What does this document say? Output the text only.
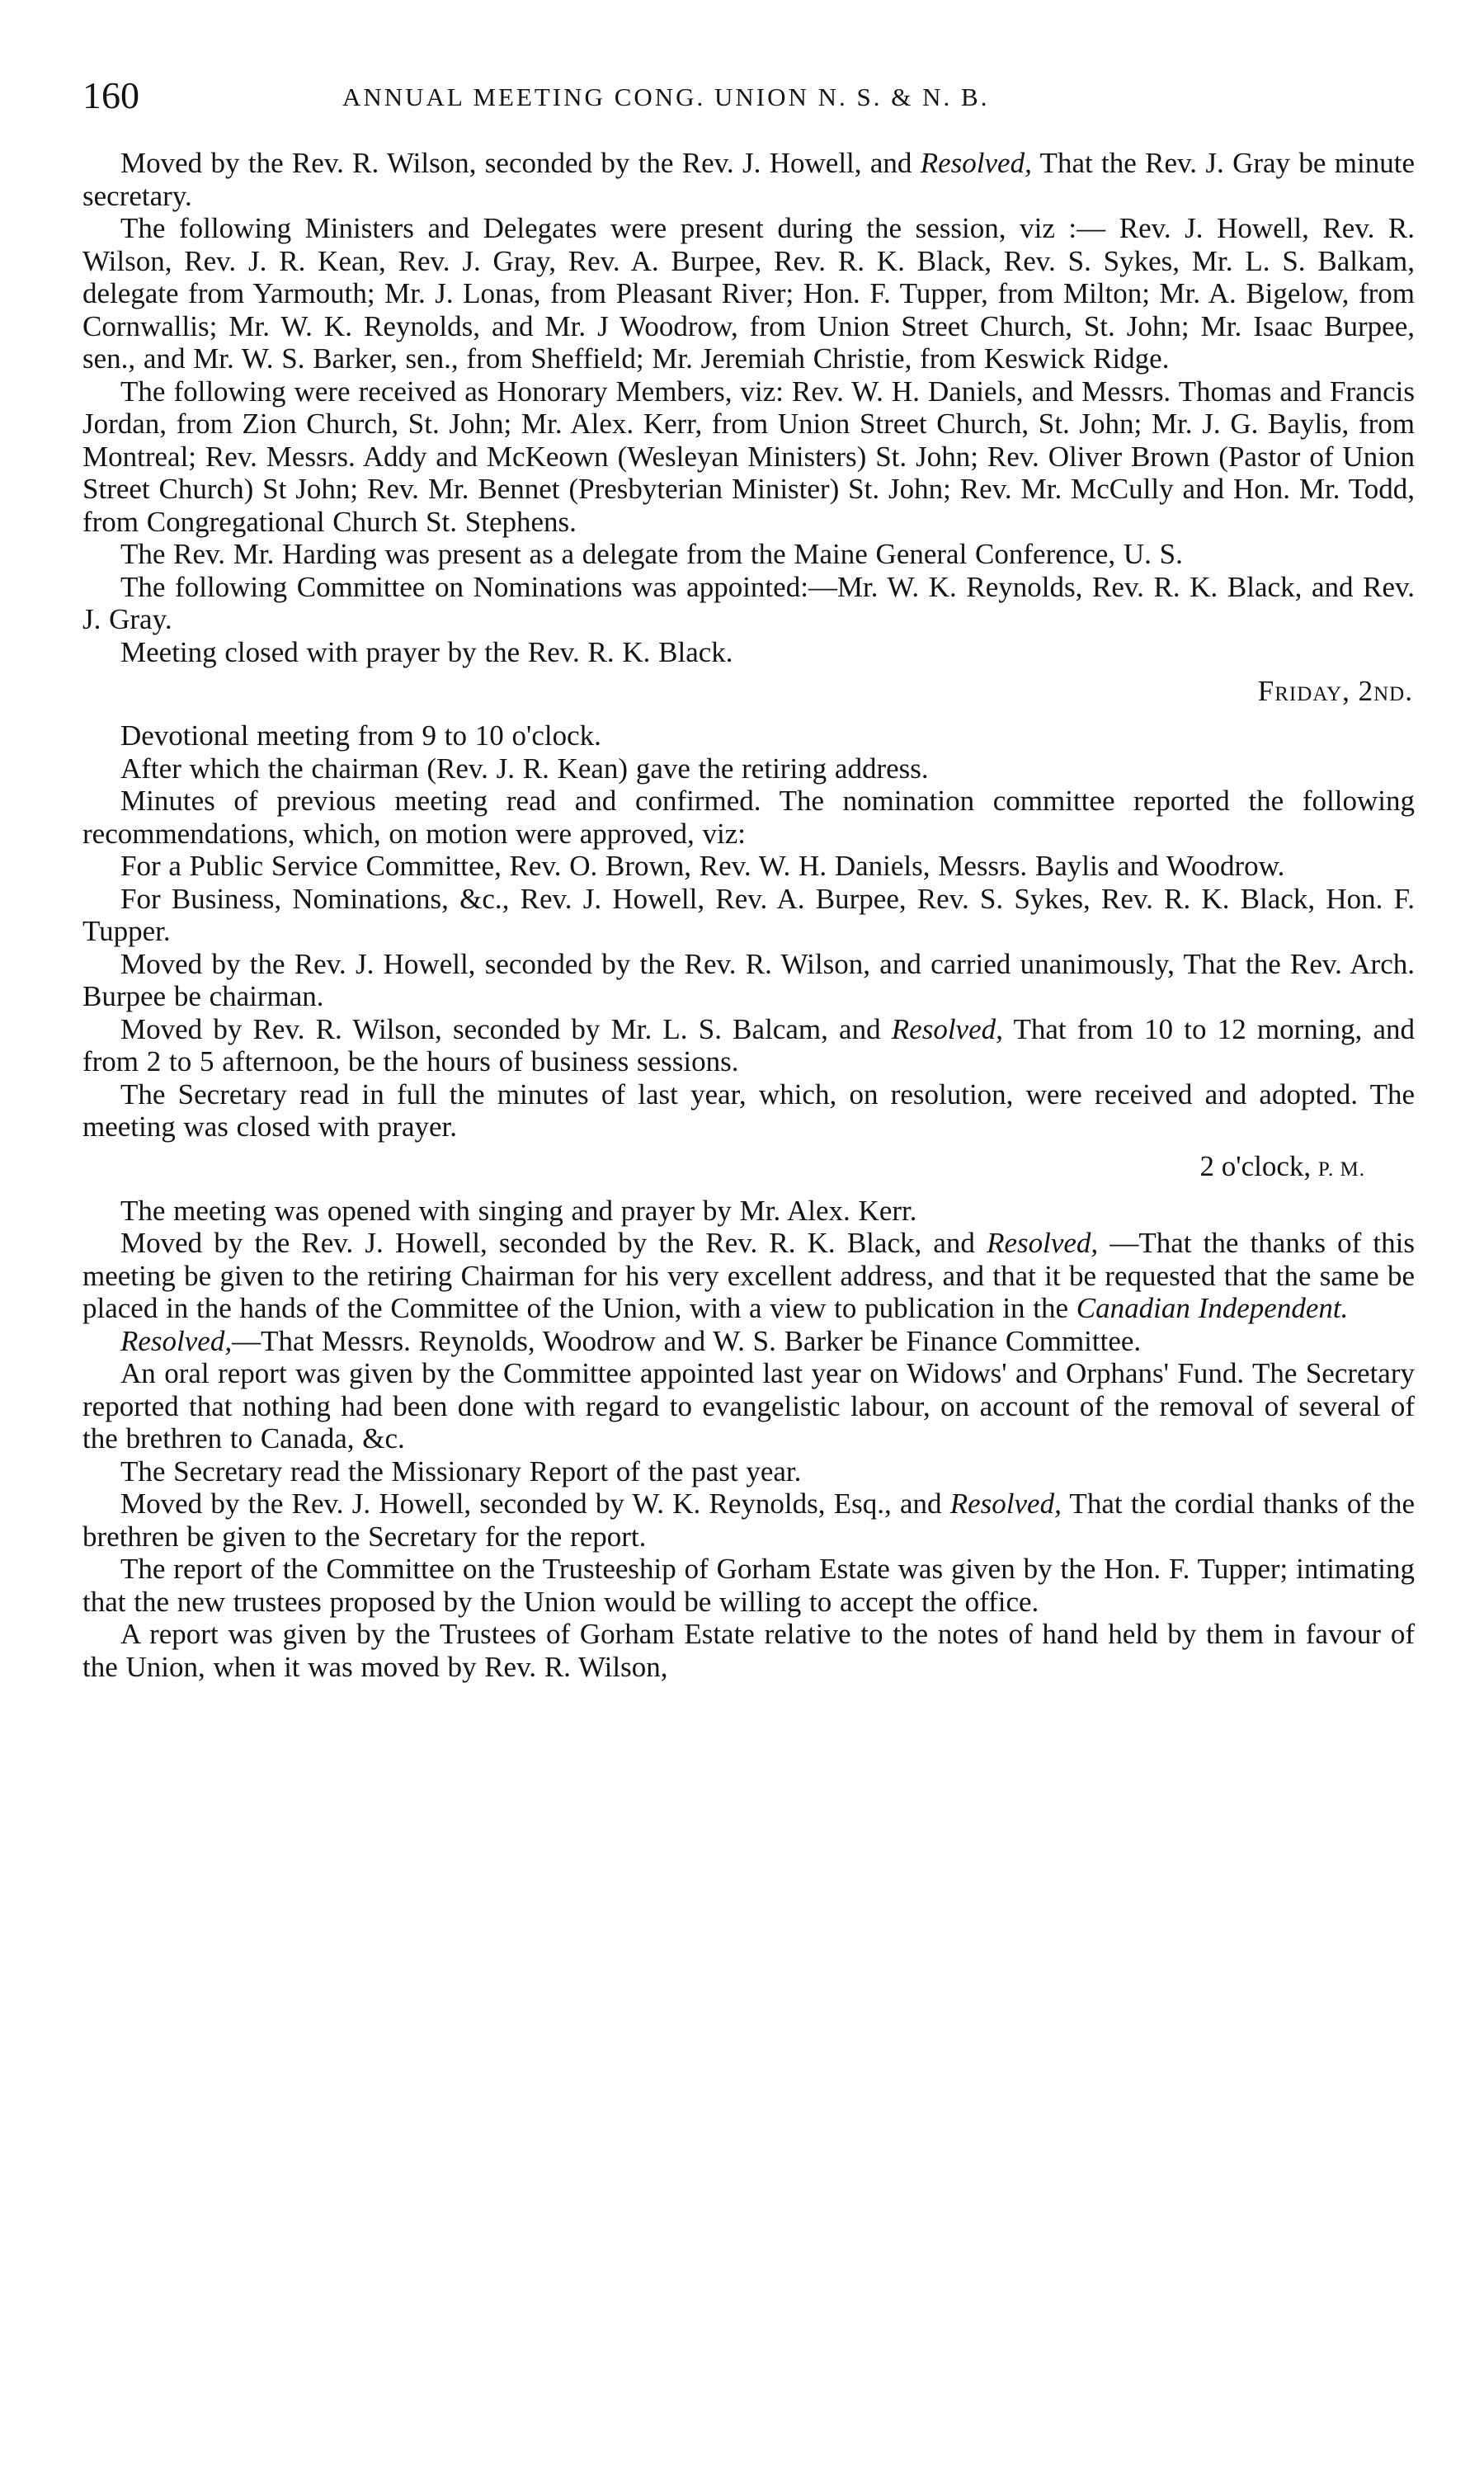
160	ANNUAL MEETING CONG. UNION N. S. & N. B.

Moved by the Rev. R. Wilson, seconded by the Rev. J. Howell, and Resolved, That the Rev. J. Gray be minute secretary.

The following Ministers and Delegates were present during the session, viz :— Rev. J. Howell, Rev. R. Wilson, Rev. J. R. Kean, Rev. J. Gray, Rev. A. Burpee, Rev. R. K. Black, Rev. S. Sykes, Mr. L. S. Balkam, delegate from Yarmouth; Mr. J. Lonas, from Pleasant River; Hon. F. Tupper, from Milton; Mr. A. Bigelow, from Cornwallis; Mr. W. K. Reynolds, and Mr. J Woodrow, from Union Street Church, St. John; Mr. Isaac Burpee, sen., and Mr. W. S. Barker, sen., from Sheffield; Mr. Jeremiah Christie, from Keswick Ridge.

The following were received as Honorary Members, viz: Rev. W. H. Daniels, and Messrs. Thomas and Francis Jordan, from Zion Church, St. John; Mr. Alex. Kerr, from Union Street Church, St. John; Mr. J. G. Baylis, from Montreal; Rev. Messrs. Addy and McKeown (Wesleyan Ministers) St. John; Rev. Oliver Brown (Pastor of Union Street Church) St John; Rev. Mr. Bennet (Presbyterian Minister) St. John; Rev. Mr. McCully and Hon. Mr. Todd, from Congregational Church St. Stephens.

The Rev. Mr. Harding was present as a delegate from the Maine General Conference, U. S.

The following Committee on Nominations was appointed:—Mr. W. K. Reynolds, Rev. R. K. Black, and Rev. J. Gray.

Meeting closed with prayer by the Rev. R. K. Black.

Friday, 2nd.

Devotional meeting from 9 to 10 o'clock.

After which the chairman (Rev. J. R. Kean) gave the retiring address.

Minutes of previous meeting read and confirmed. The nomination committee reported the following recommendations, which, on motion were approved, viz:

For a Public Service Committee, Rev. O. Brown, Rev. W. H. Daniels, Messrs. Baylis and Woodrow.

For Business, Nominations, &c., Rev. J. Howell, Rev. A. Burpee, Rev. S. Sykes, Rev. R. K. Black, Hon. F. Tupper.

Moved by the Rev. J. Howell, seconded by the Rev. R. Wilson, and carried unanimously, That the Rev. Arch. Burpee be chairman.

Moved by Rev. R. Wilson, seconded by Mr. L. S. Balcam, and Resolved, That from 10 to 12 morning, and from 2 to 5 afternoon, be the hours of business sessions.

The Secretary read in full the minutes of last year, which, on resolution, were received and adopted. The meeting was closed with prayer.

2 o'clock, P. M.

The meeting was opened with singing and prayer by Mr. Alex. Kerr.

Moved by the Rev. J. Howell, seconded by the Rev. R. K. Black, and Resolved, —That the thanks of this meeting be given to the retiring Chairman for his very excellent address, and that it be requested that the same be placed in the hands of the Committee of the Union, with a view to publication in the Canadian Independent.

Resolved,—That Messrs. Reynolds, Woodrow and W. S. Barker be Finance Committee.

An oral report was given by the Committee appointed last year on Widows' and Orphans' Fund. The Secretary reported that nothing had been done with regard to evangelistic labour, on account of the removal of several of the brethren to Canada, &c.

The Secretary read the Missionary Report of the past year.

Moved by the Rev. J. Howell, seconded by W. K. Reynolds, Esq., and Resolved, That the cordial thanks of the brethren be given to the Secretary for the report.

The report of the Committee on the Trusteeship of Gorham Estate was given by the Hon. F. Tupper; intimating that the new trustees proposed by the Union would be willing to accept the office.

A report was given by the Trustees of Gorham Estate relative to the notes of hand held by them in favour of the Union, when it was moved by Rev. R. Wilson,
